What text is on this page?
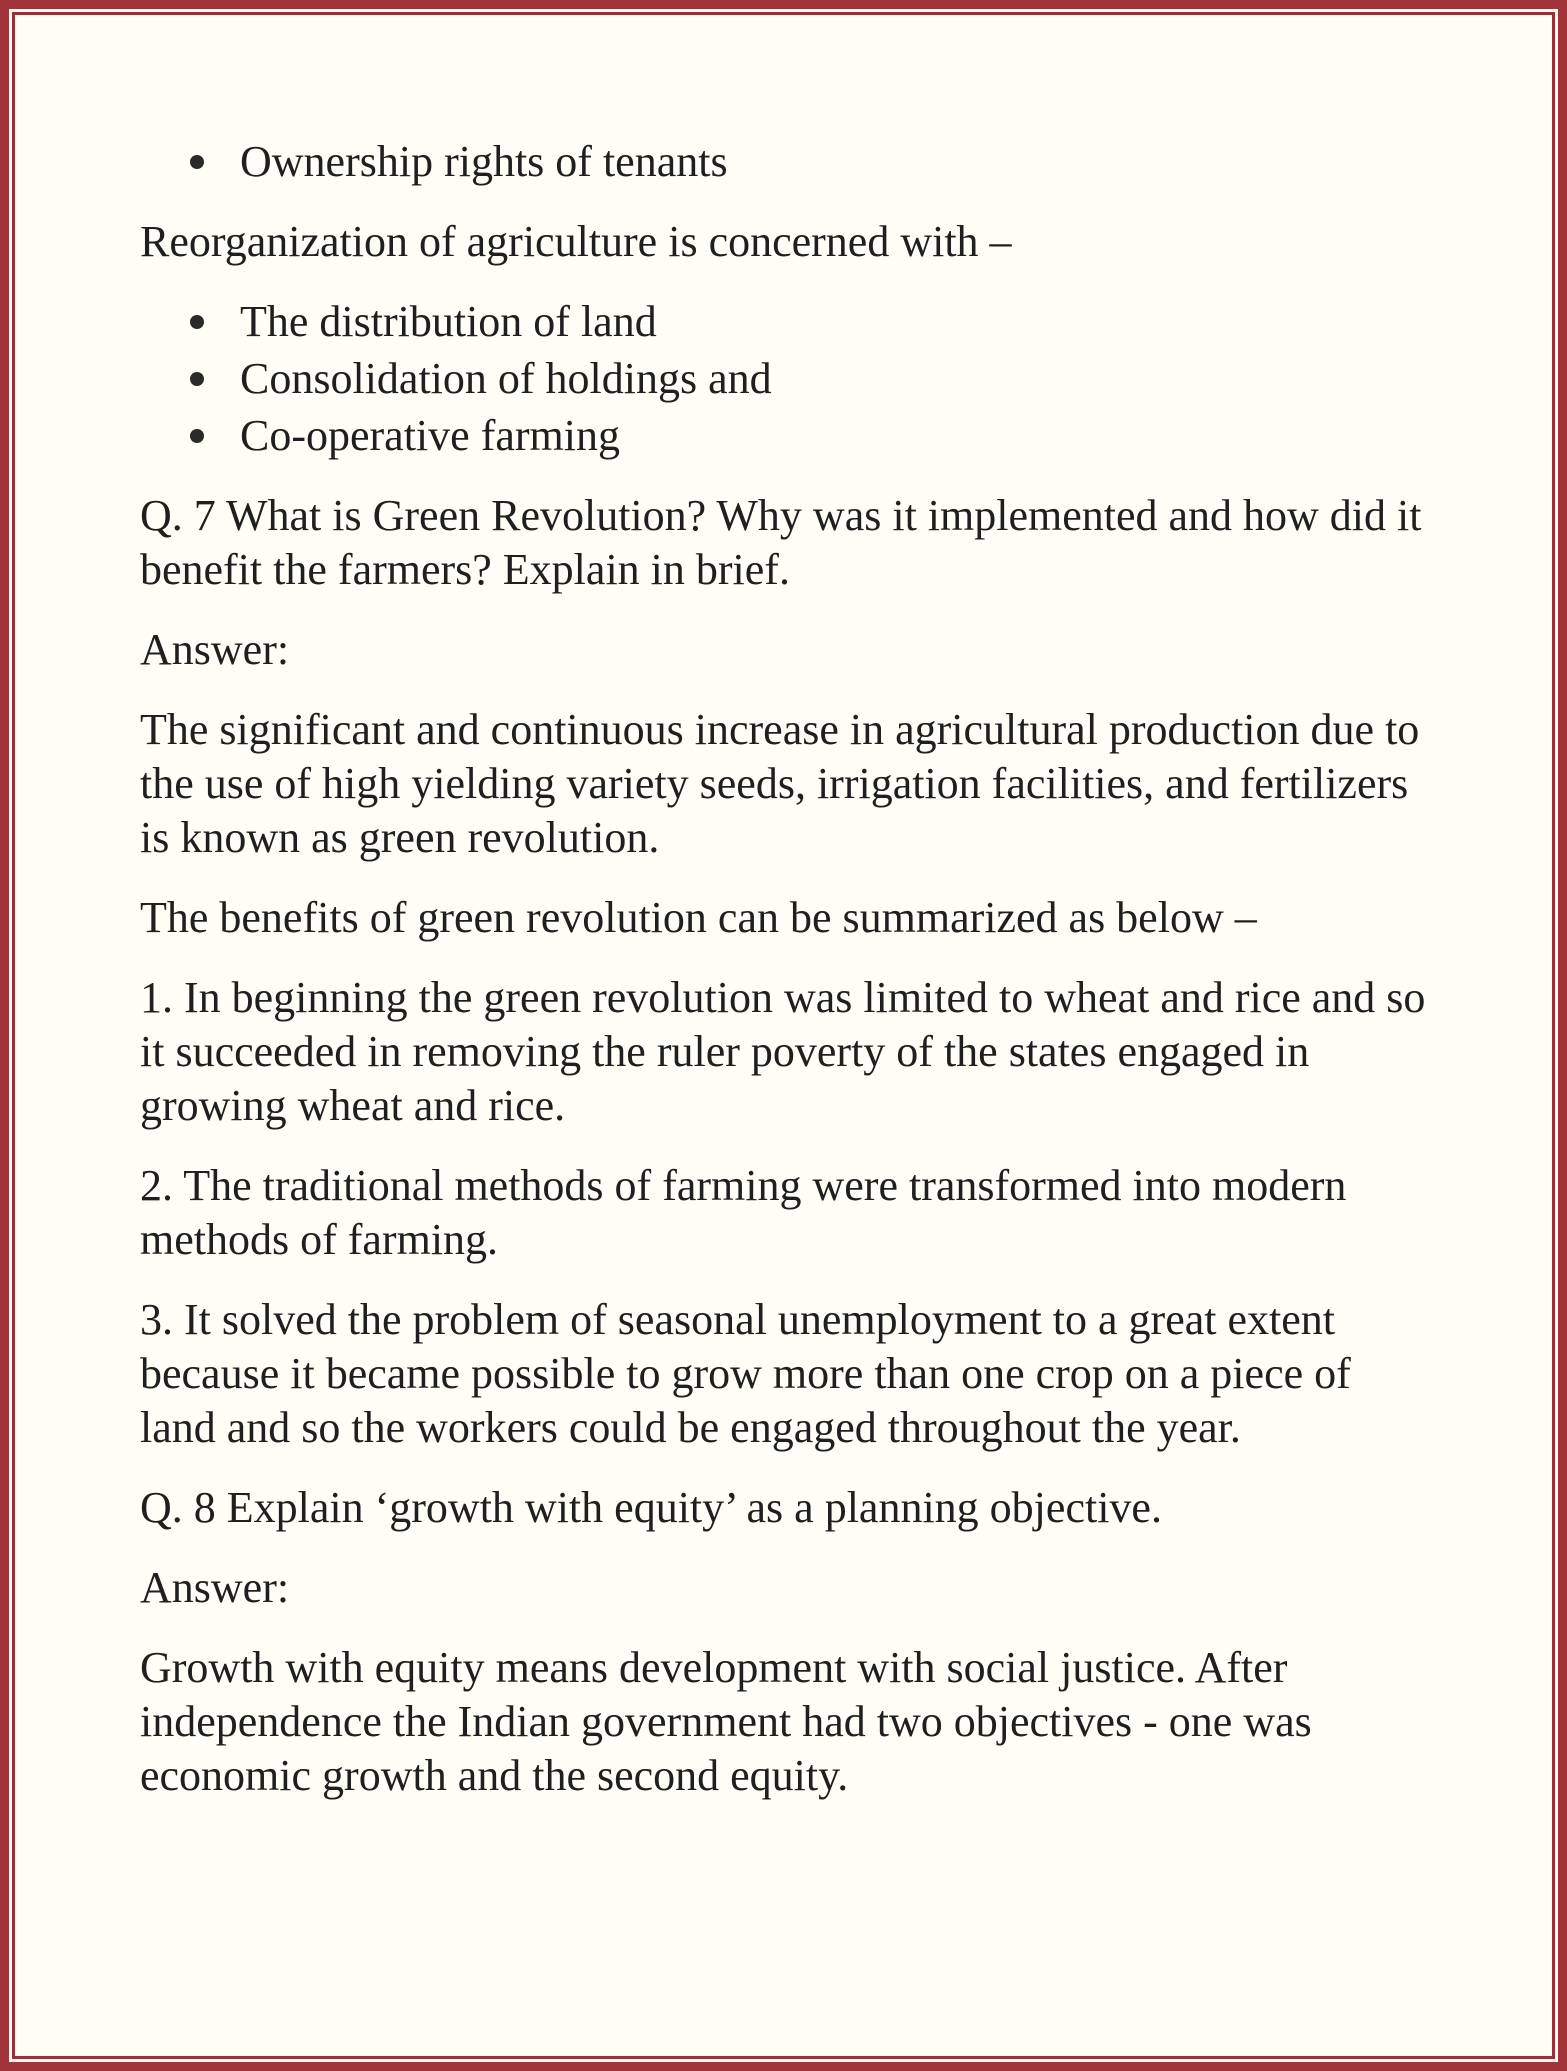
Ownership rights of tenants

Reorganization of agriculture is concerned with –

The distribution of land
Consolidation of holdings and
Co-operative farming

Q. 7 What is Green Revolution? Why was it implemented and how did it benefit the farmers? Explain in brief.

Answer:

The significant and continuous increase in agricultural production due to the use of high yielding variety seeds, irrigation facilities, and fertilizers is known as green revolution.

The benefits of green revolution can be summarized as below –

1. In beginning the green revolution was limited to wheat and rice and so it succeeded in removing the ruler poverty of the states engaged in growing wheat and rice.

2. The traditional methods of farming were transformed into modern methods of farming.

3. It solved the problem of seasonal unemployment to a great extent because it became possible to grow more than one crop on a piece of land and so the workers could be engaged throughout the year.

Q. 8 Explain ‘growth with equity’ as a planning objective.

Answer:

Growth with equity means development with social justice. After independence the Indian government had two objectives - one was economic growth and the second equity.
